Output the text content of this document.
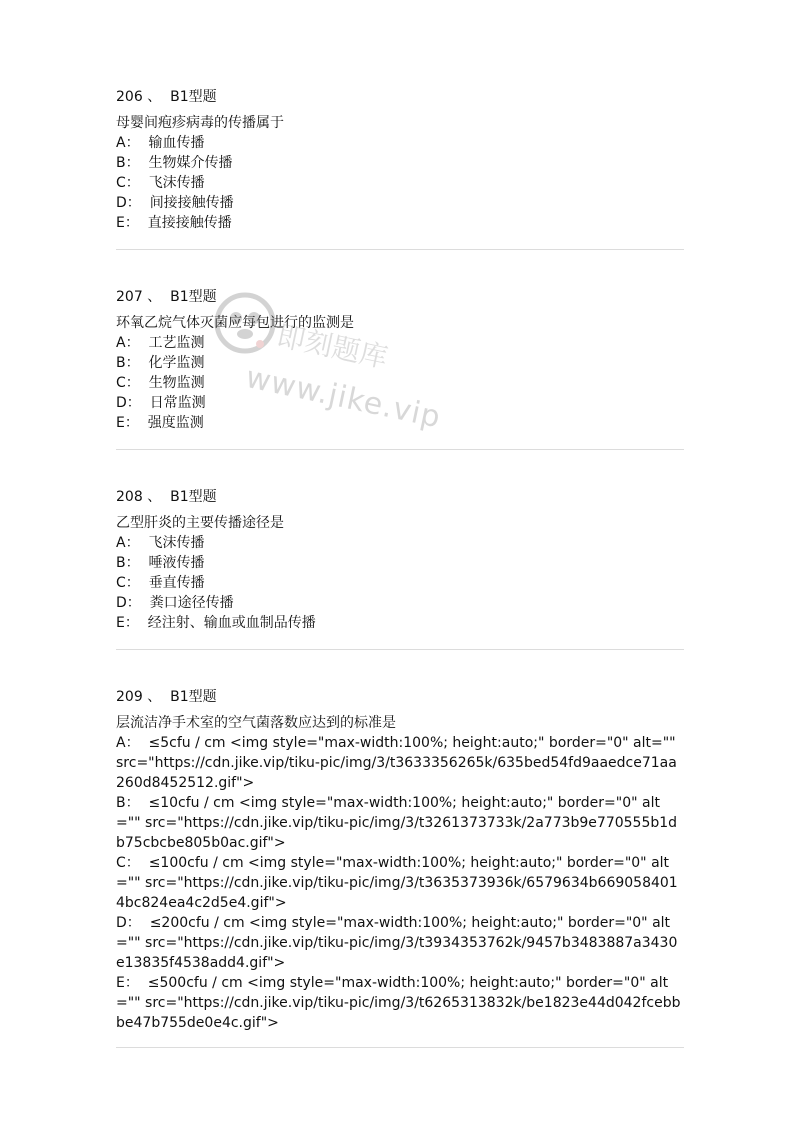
206 、 B1型题
母婴间疱疹病毒的传播属于
A： 输血传播
B： 生物媒介传播
C： 飞沫传播
D： 间接接触传播
E： 直接接触传播
207 、 B1型题
环氧乙烷气体灭菌应每包进行的监测是
A： 工艺监测
B： 化学监测
C： 生物监测
D： 日常监测
E： 强度监测
208 、 B1型题
乙型肝炎的主要传播途径是
A： 飞沫传播
B： 唾液传播
C： 垂直传播
D： 粪口途径传播
E： 经注射、输血或血制品传播
209 、 B1型题
层流洁净手术室的空气菌落数应达到的标准是
A： ≤5cfu / cm <img style="max-width:100%; height:auto;" border="0" alt="" src="https://cdn.jike.vip/tiku-pic/img/3/t3633356265k/635bed54fd9aaedce71aa260d8452512.gif">
B： ≤10cfu / cm <img style="max-width:100%; height:auto;" border="0" alt="" src="https://cdn.jike.vip/tiku-pic/img/3/t3261373733k/2a773b9e770555b1db75cbcbe805b0ac.gif">
C： ≤100cfu / cm <img style="max-width:100%; height:auto;" border="0" alt="" src="https://cdn.jike.vip/tiku-pic/img/3/t3635373936k/6579634b6690584014bc824ea4c2d5e4.gif">
D： ≤200cfu / cm <img style="max-width:100%; height:auto;" border="0" alt="" src="https://cdn.jike.vip/tiku-pic/img/3/t3934353762k/9457b3483887a3430e13835f4538add4.gif">
E： ≤500cfu / cm <img style="max-width:100%; height:auto;" border="0" alt="" src="https://cdn.jike.vip/tiku-pic/img/3/t6265313832k/be1823e44d042fcebbbe47b755de0e4c.gif">
即刻题库
www.jike.vip
